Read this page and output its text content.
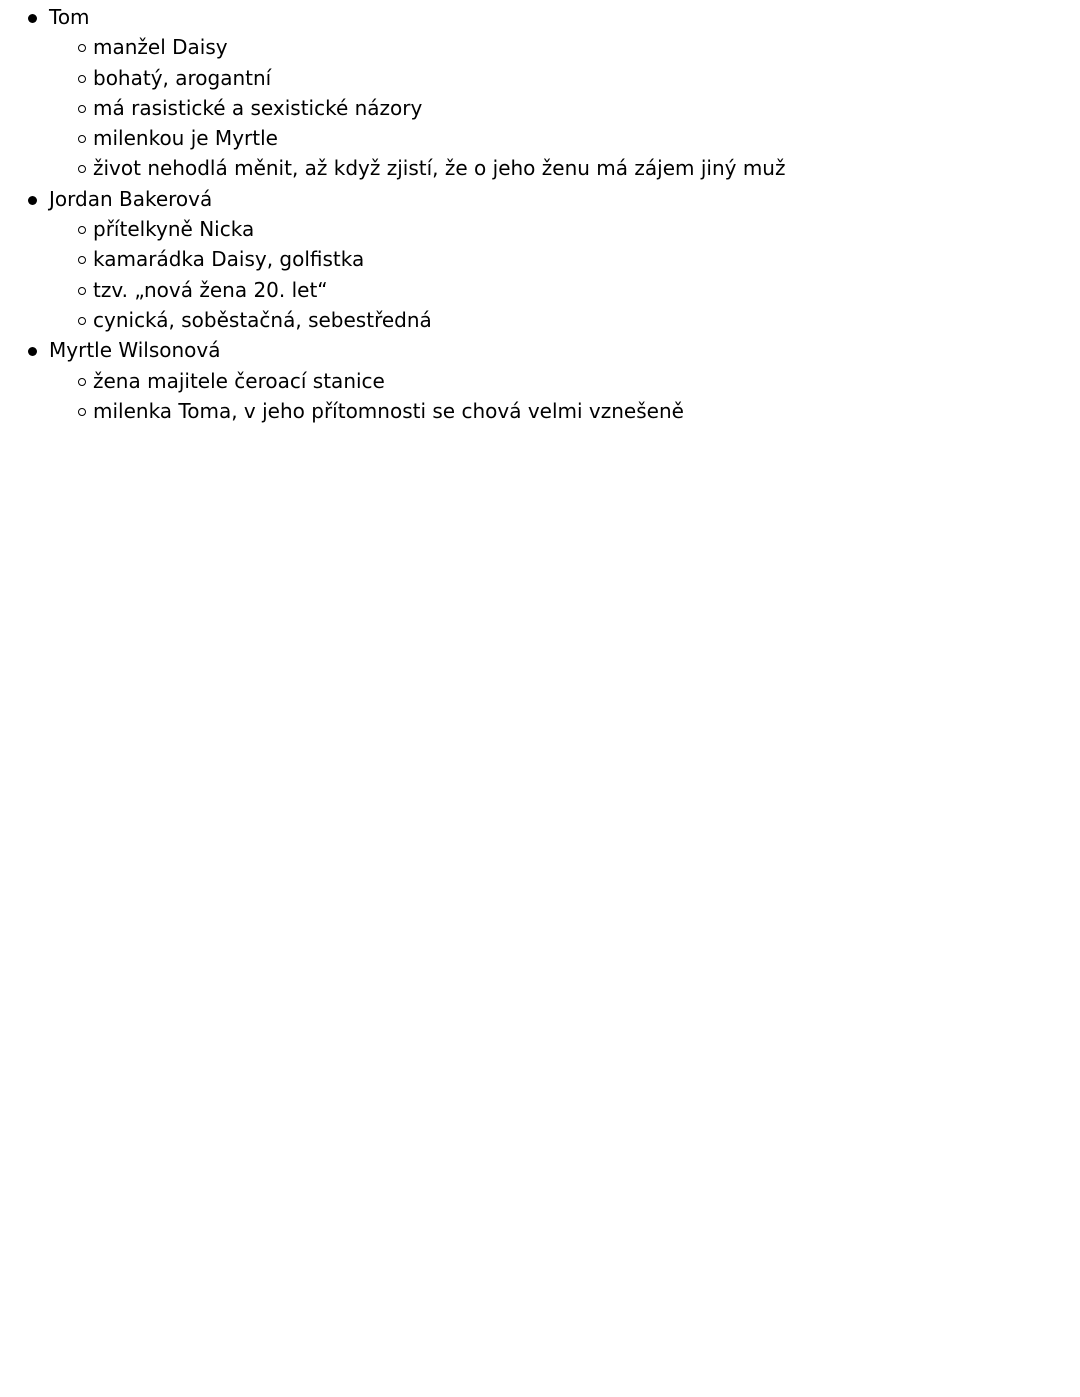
Tom
manžel Daisy
bohatý, arogantní
má rasistické a sexistické názory
milenkou je Myrtle
život nehodlá měnit, až když zjistí, že o jeho ženu má zájem jiný muž
Jordan Bakerová
přítelkyně Nicka
kamarádka Daisy, golfistka
tzv. „nová žena 20. let“
cynická, soběstačná, sebestředná
Myrtle Wilsonová
žena majitele čeroací stanice
milenka Toma, v jeho přítomnosti se chová velmi vznešeně
